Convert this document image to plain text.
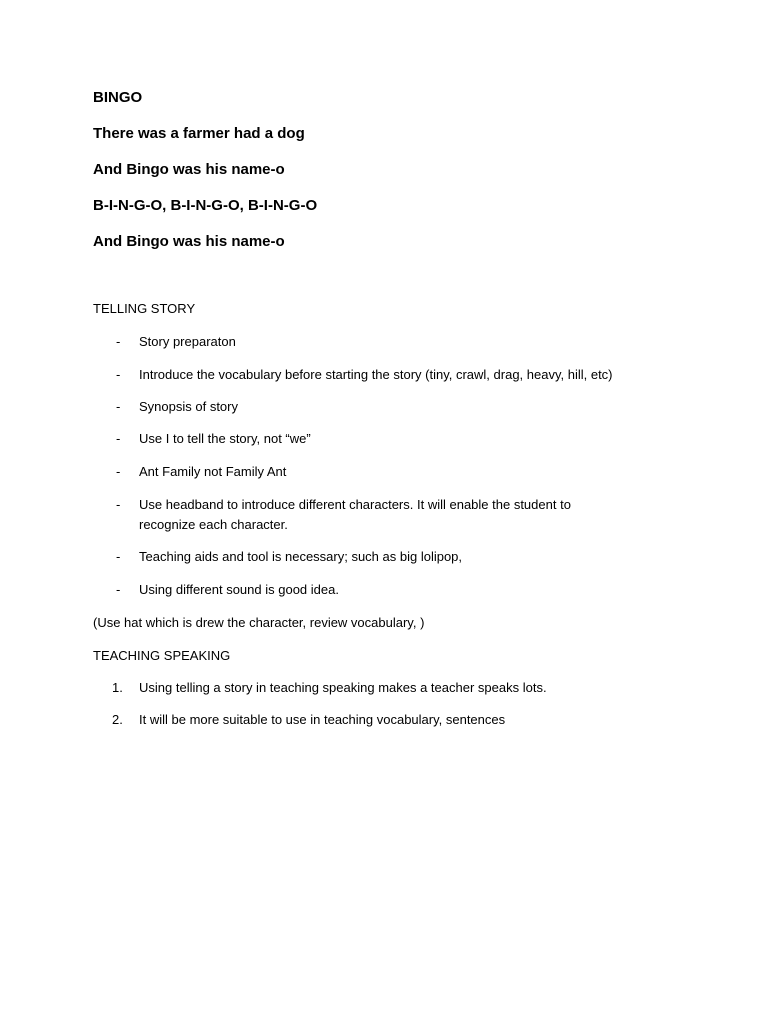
BINGO

There was a farmer had a dog

And Bingo was his name-o

B-I-N-G-O, B-I-N-G-O, B-I-N-G-O

And Bingo was his name-o

TELLING STORY

-	Story preparaton
-	Introduce the vocabulary before starting the story (tiny, crawl, drag, heavy, hill, etc)
-	Synopsis of story
-	Use I to tell the story, not “we”
-	Ant Family not Family Ant
-	Use headband to introduce different characters. It will enable the student to recognize each character.
-	Teaching aids and tool is necessary; such as big lolipop,
-	Using different sound is good idea.

(Use hat which is drew the character, review vocabulary, )

TEACHING SPEAKING

1.	Using telling a story in teaching speaking makes a teacher speaks lots.
2.	It will be more suitable to use in teaching vocabulary, sentences
